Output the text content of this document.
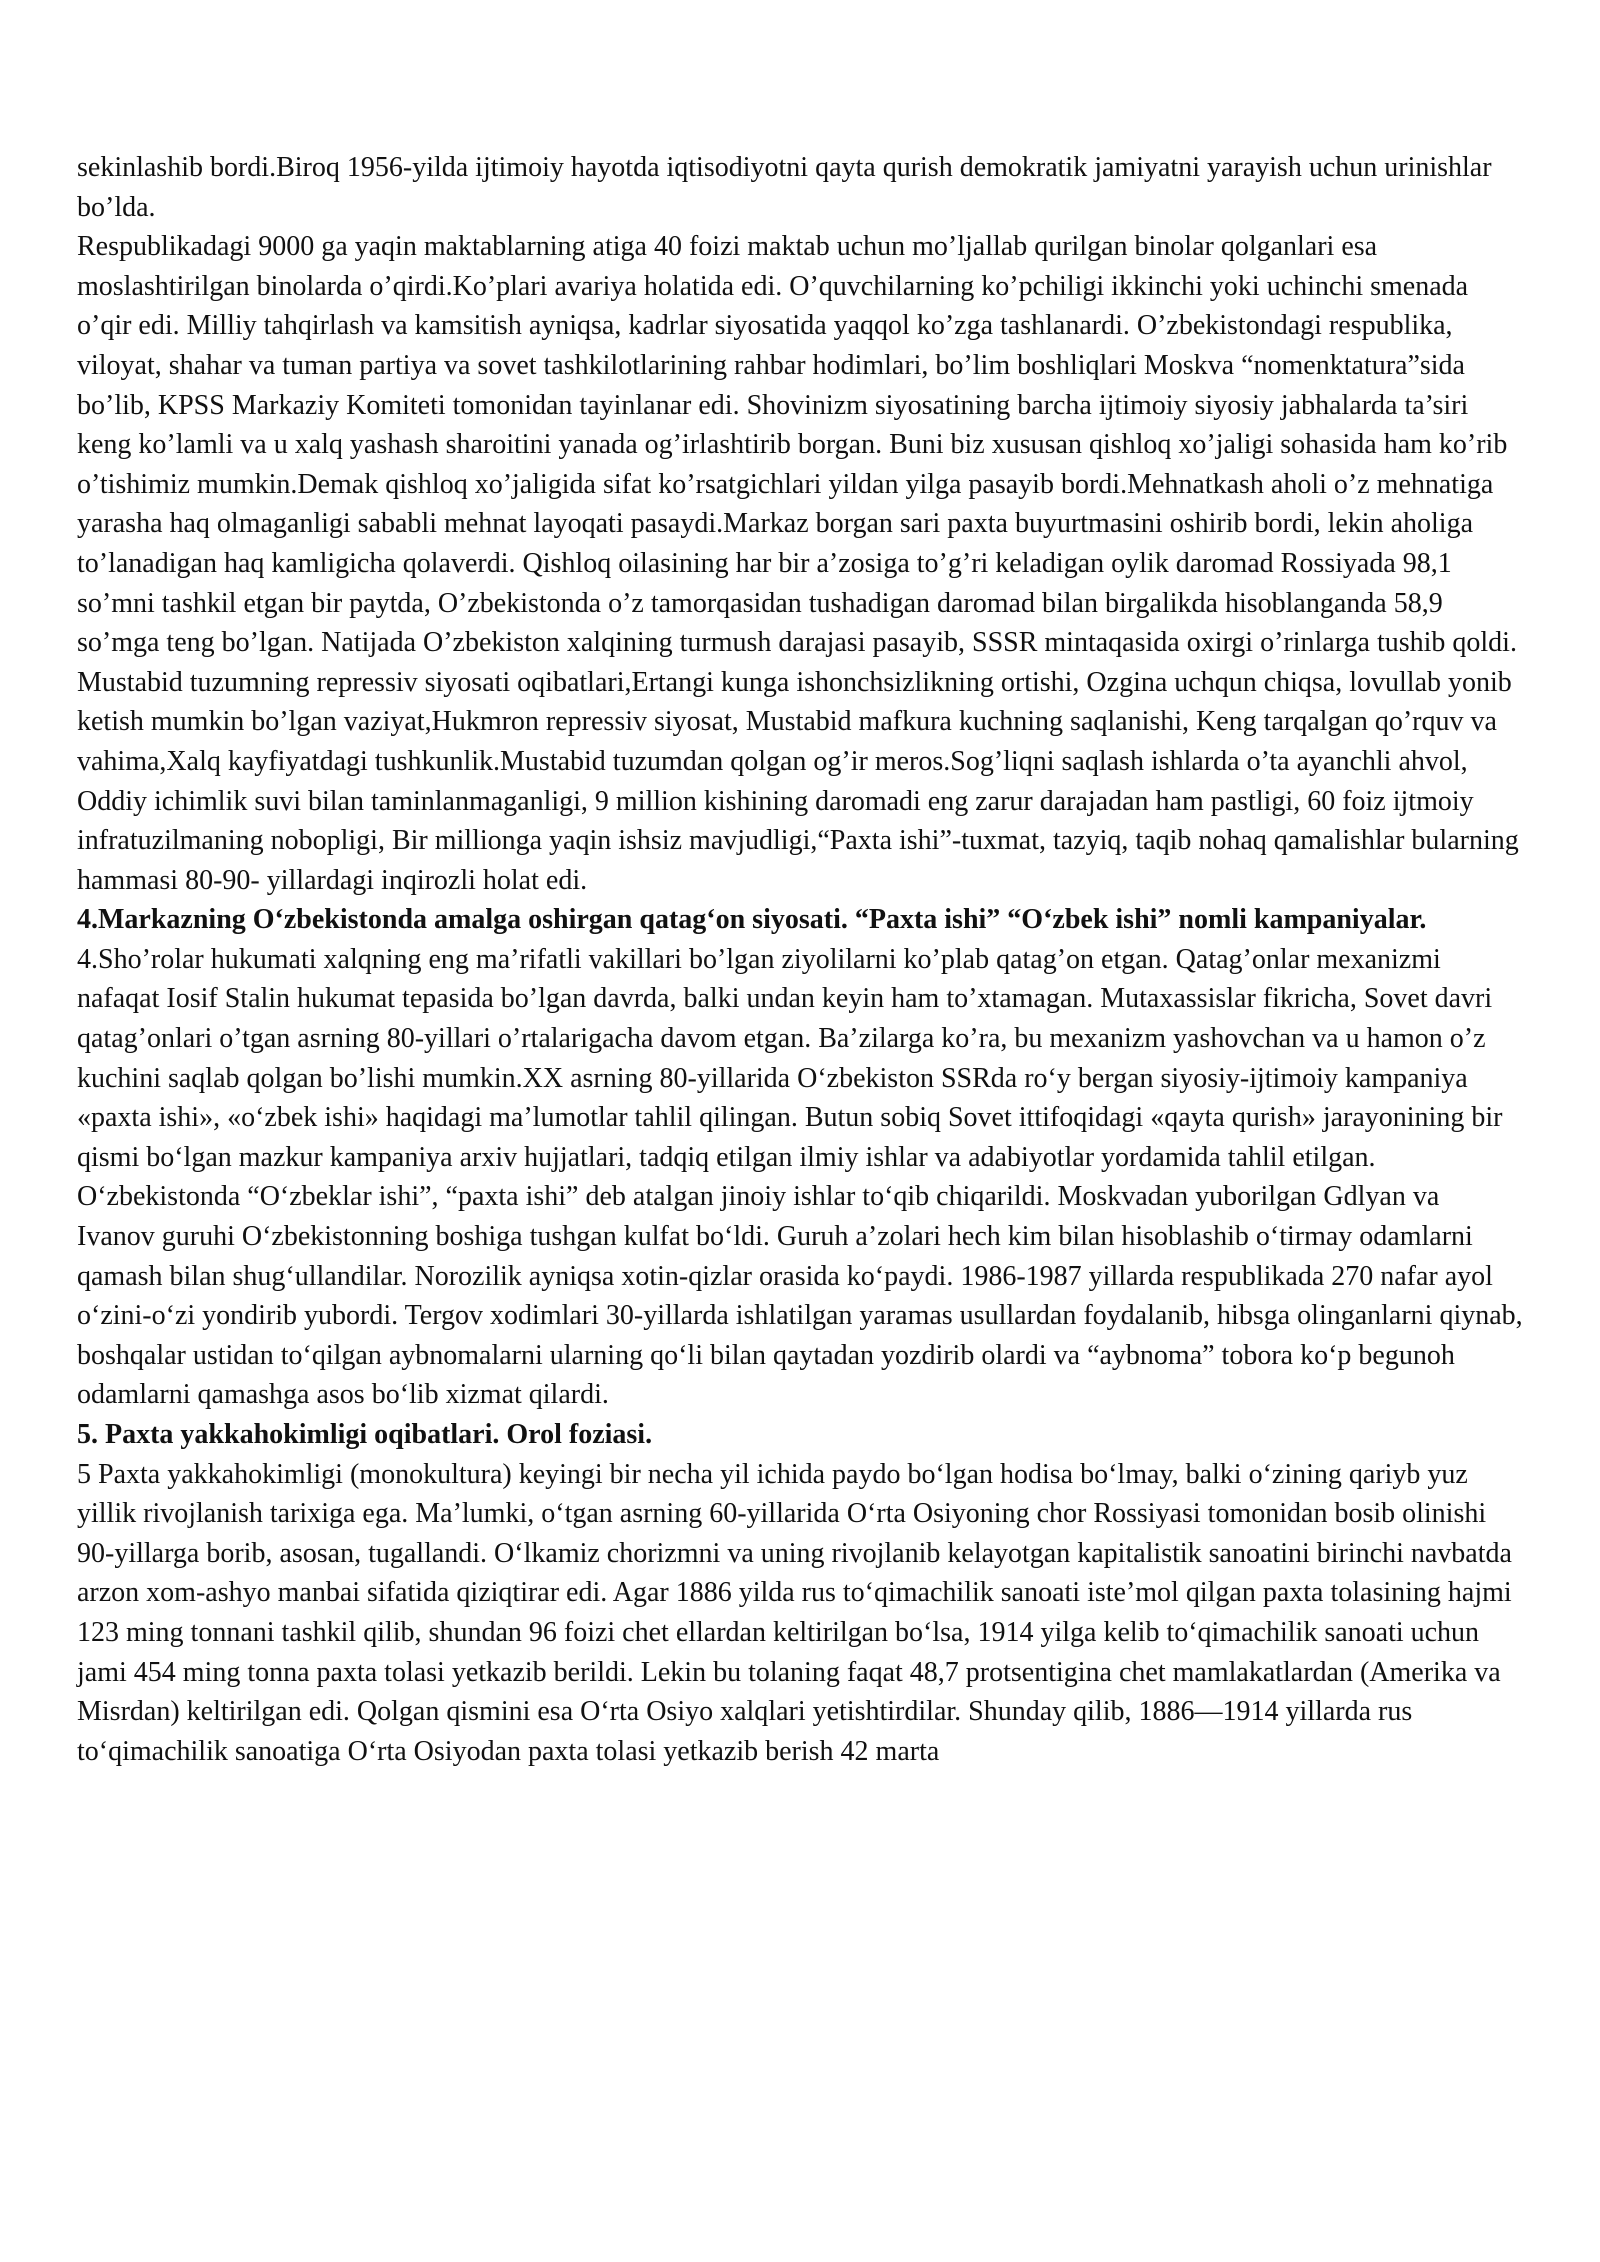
sekinlashib bordi.Biroq 1956-yilda ijtimoiy hayotda iqtisodiyotni qayta qurish demokratik jamiyatni yarayish uchun urinishlar bo’lda.

Respublikadagi 9000 ga yaqin maktablarning atiga 40 foizi maktab uchun mo’ljallab qurilgan binolar qolganlari esa moslashtirilgan binolarda o’qirdi.Ko’plari avariya holatida edi. O’quvchilarning ko’pchiligi ikkinchi yoki uchinchi smenada o’qir edi. Milliy tahqirlash va kamsitish ayniqsa, kadrlar siyosatida yaqqol ko’zga tashlanardi. O’zbekistondagi respublika, viloyat, shahar va tuman partiya va sovet tashkilotlarining rahbar hodimlari, bo’lim boshliqlari Moskva “nomenktatura”sida bo’lib, KPSS Markaziy Komiteti tomonidan tayinlanar edi. Shovinizm siyosatining barcha ijtimoiy siyosiy jabhalarda ta’siri keng ko’lamli va u xalq yashash sharoitini yanada og’irlashtirib borgan. Buni biz xususan qishloq xo’jaligi sohasida ham ko’rib o’tishimiz mumkin.Demak qishloq xo’jaligida sifat ko’rsatgichlari yildan yilga pasayib bordi.Mehnatkash aholi o’z mehnatiga yarasha haq olmaganligi sababli mehnat layoqati pasaydi.Markaz borgan sari paxta buyurtmasini oshirib bordi, lekin aholiga to’lanadigan haq kamligicha qolaverdi. Qishloq oilasining har bir a’zosiga to’g’ri keladigan oylik daromad Rossiyada 98,1 so’mni tashkil etgan bir paytda, O’zbekistonda o’z tamorqasidan tushadigan daromad bilan birgalikda hisoblanganda 58,9 so’mga teng bo’lgan. Natijada O’zbekiston xalqining turmush darajasi pasayib, SSSR mintaqasida oxirgi o’rinlarga tushib qoldi. Mustabid tuzumning repressiv siyosati oqibatlari,Ertangi kunga ishonchsizlikning ortishi, Ozgina uchqun chiqsa, lovullab yonib ketish mumkin bo’lgan vaziyat,Hukmron repressiv siyosat, Mustabid mafkura kuchning saqlanishi, Keng tarqalgan qo’rquv va vahima,Xalq kayfiyatdagi tushkunlik.Mustabid tuzumdan qolgan og’ir meros.Sog’liqni saqlash ishlarda o’ta ayanchli ahvol, Oddiy ichimlik suvi bilan taminlanmaganligi, 9 million kishining daromadi eng zarur darajadan ham pastligi, 60 foiz ijtmoiy infratuzilmaning nobopligi, Bir millionga yaqin ishsiz mavjudligi,“Paxta ishi”-tuxmat, tazyiq, taqib nohaq qamalishlar bularning hammasi 80-90- yillardagi inqirozli holat edi.

4.Markazning O‘zbekistonda amalga oshirgan qatag‘on siyosati. “Paxta ishi” “O‘zbek ishi” nomli kampaniyalar.

4.Sho’rolar hukumati xalqning eng ma’rifatli vakillari bo’lgan ziyolilarni ko’plab qatag’on etgan. Qatag’onlar mexanizmi nafaqat Iosif Stalin hukumat tepasida bo’lgan davrda, balki undan keyin ham to’xtamagan. Mutaxassislar fikricha, Sovet davri qatag’onlari o’tgan asrning 80-yillari o’rtalarigacha davom etgan. Ba’zilarga ko’ra, bu mexanizm yashovchan va u hamon o’z kuchini saqlab qolgan bo’lishi mumkin.XX asrning 80-yillarida O‘zbekiston SSRda ro‘y bergan siyosiy-ijtimoiy kampaniya «paxta ishi», «o‘zbek ishi» haqidagi ma’lumotlar tahlil qilingan. Butun sobiq Sovet ittifoqidagi «qayta qurish» jarayonining bir qismi bo‘lgan mazkur kampaniya arxiv hujjatlari, tadqiq etilgan ilmiy ishlar va adabiyotlar yordamida tahlil etilgan. O‘zbekistonda “O‘zbeklar ishi”, “paxta ishi” deb atalgan jinoiy ishlar to‘qib chiqarildi. Moskvadan yuborilgan Gdlyan va Ivanov guruhi O‘zbekistonning boshiga tushgan kulfat bo‘ldi. Guruh a’zolari hech kim bilan hisoblashib o‘tirmay odamlarni qamash bilan shug‘ullandilar. Norozilik ayniqsa xotin-qizlar orasida ko‘paydi. 1986-1987 yillarda respublikada 270 nafar ayol o‘zini-o‘zi yondirib yubordi. Tergov xodimlari 30-yillarda ishlatilgan yaramas usullardan foydalanib, hibsga olinganlarni qiynab, boshqalar ustidan to‘qilgan aybnomalarni ularning qo‘li bilan qaytadan yozdirib olardi va “aybnoma” tobora ko‘p begunoh odamlarni qamashga asos bo‘lib xizmat qilardi.

5. Paxta yakkahokimligi oqibatlari. Orol foziasi.

5 Paxta yakkahokimligi (monokultura) keyingi bir necha yil ichida paydo bo‘lgan hodisa bo‘lmay, balki o‘zining qariyb yuz yillik rivojlanish tarixiga ega. Ma’lumki, o‘tgan asrning 60-yillarida O‘rta Osiyoning chor Rossiyasi tomonidan bosib olinishi 90-yillarga borib, asosan, tugallandi. O‘lkamiz chorizmni va uning rivojlanib kelayotgan kapitalistik sanoatini birinchi navbatda arzon xom-ashyo manbai sifatida qiziqtirar edi. Agar 1886 yilda rus to‘qimachilik sanoati iste’mol qilgan paxta tolasining hajmi 123 ming tonnani tashkil qilib, shundan 96 foizi chet ellardan keltirilgan bo‘lsa, 1914 yilga kelib to‘qimachilik sanoati uchun jami 454 ming tonna paxta tolasi yetkazib berildi. Lekin bu tolaning faqat 48,7 protsentigina chet mamlakatlardan (Amerika va Misrdan) keltirilgan edi. Qolgan qismini esa O‘rta Osiyo xalqlari yetishtirdilar. Shunday qilib, 1886—1914 yillarda rus to‘qimachilik sanoatiga O‘rta Osiyodan paxta tolasi yetkazib berish 42 marta
